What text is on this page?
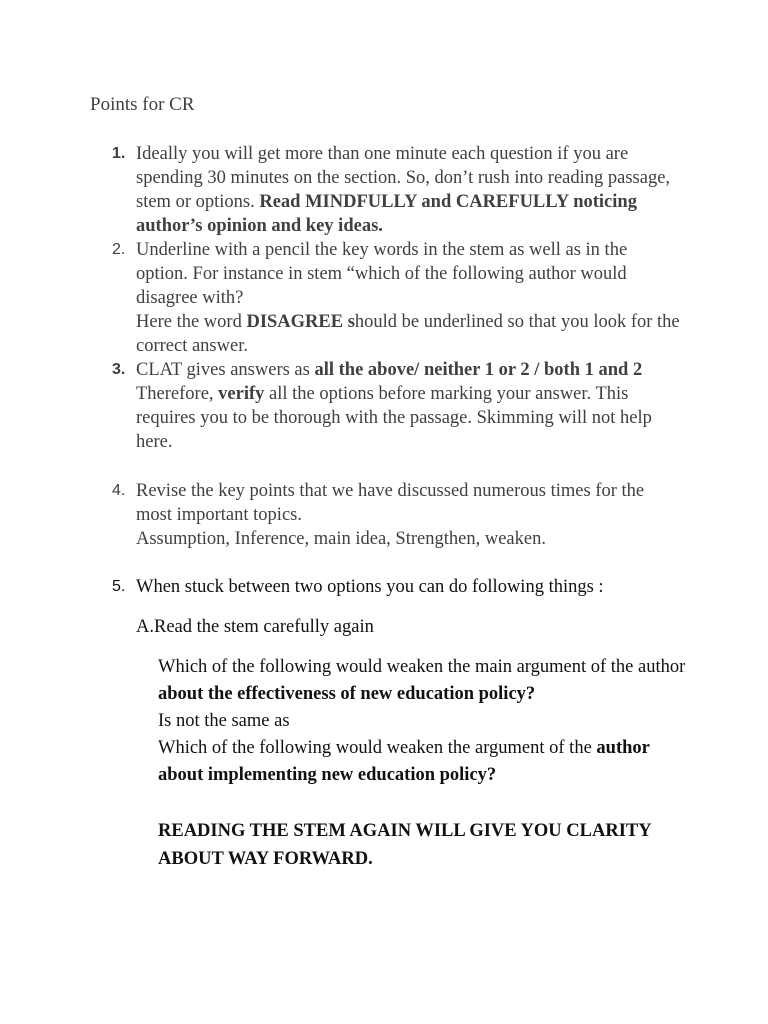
Points for CR
1. Ideally you will get more than one minute each question if you are spending 30 minutes on the section. So, don’t rush into reading passage, stem or options. Read MINDFULLY and CAREFULLY noticing author’s opinion and key ideas.

2. Underline with a pencil the key words in the stem as well as in the option. For instance in stem “which of the following author would disagree with?

Here the word DISAGREE should be underlined so that you look for the correct answer.

3. CLAT gives answers as all the above/ neither 1 or 2 / both 1 and 2

Therefore, verify all the options before marking your answer. This requires you to be thorough with the passage. Skimming will not help here.

4. Revise the key points that we have discussed numerous times for the most important topics.

Assumption, Inference, main idea, Strengthen, weaken.

5. When stuck between two options you can do following things :

A.Read the stem carefully again

Which of the following would weaken the main argument of the author about the effectiveness of new education policy?

Is not the same as

Which of the following would weaken the argument of the author about implementing new education policy?

READING THE STEM AGAIN WILL GIVE YOU CLARITY ABOUT WAY FORWARD.
